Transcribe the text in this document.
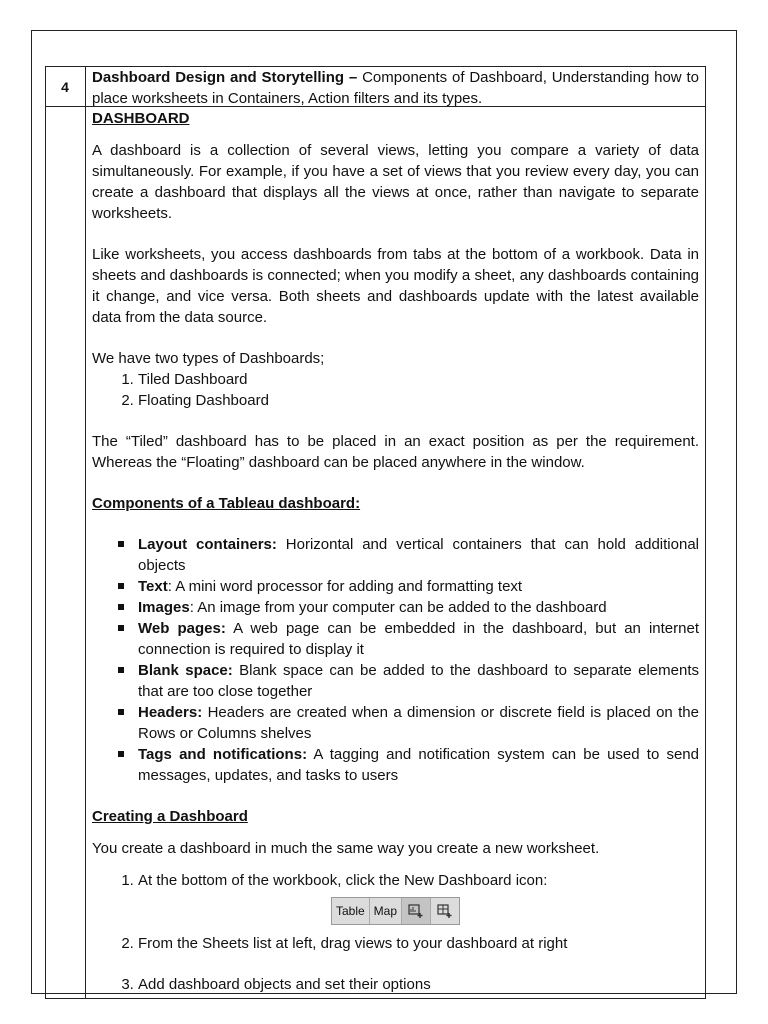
4
Dashboard Design and Storytelling – Components of Dashboard, Understanding how to place worksheets in Containers, Action filters and its types.
DASHBOARD

A dashboard is a collection of several views, letting you compare a variety of data simultaneously. For example, if you have a set of views that you review every day, you can create a dashboard that displays all the views at once, rather than navigate to separate worksheets.

Like worksheets, you access dashboards from tabs at the bottom of a workbook. Data in sheets and dashboards is connected; when you modify a sheet, any dashboards containing it change, and vice versa. Both sheets and dashboards update with the latest available data from the data source.

We have two types of Dashboards;

1. Tiled Dashboard
2. Floating Dashboard

The “Tiled” dashboard has to be placed in an exact position as per the requirement. Whereas the “Floating” dashboard can be placed anywhere in the window.

Components of a Tableau dashboard:
Layout containers: Horizontal and vertical containers that can hold additional objects
Text: A mini word processor for adding and formatting text
Images: An image from your computer can be added to the dashboard
Web pages: A web page can be embedded in the dashboard, but an internet connection is required to display it
Blank space: Blank space can be added to the dashboard to separate elements that are too close together
Headers: Headers are created when a dimension or discrete field is placed on the Rows or Columns shelves
Tags and notifications: A tagging and notification system can be used to send messages, updates, and tasks to users
Creating a Dashboard

You create a dashboard in much the same way you create a new worksheet.

1. At the bottom of the workbook, click the New Dashboard icon:
Table Map
2. From the Sheets list at left, drag views to your dashboard at right
3. Add dashboard objects and set their options
